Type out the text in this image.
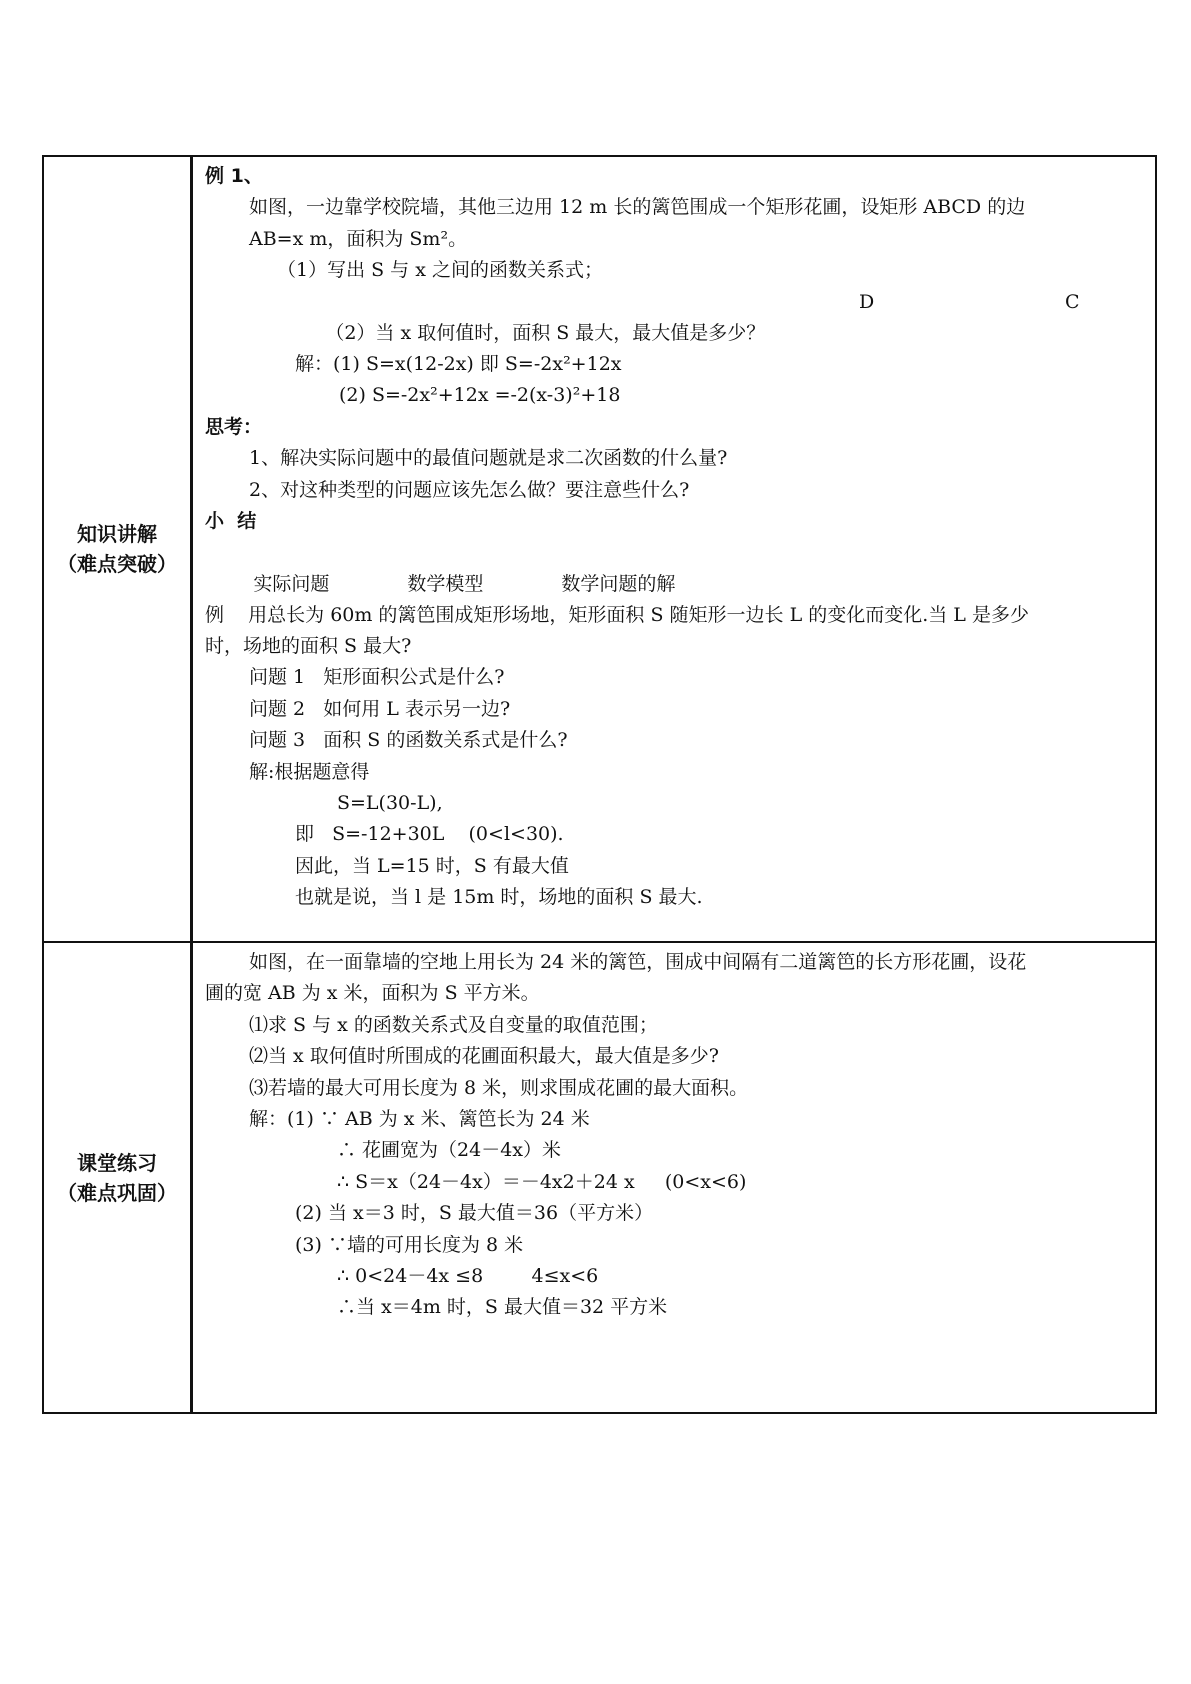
知识讲解
（难点突破）
例 1、
如图，一边靠学校院墙，其他三边用 12 m 长的篱笆围成一个矩形花圃，设矩形 ABCD 的边
AB=x m，面积为 Sm²。
（1）写出 S 与 x 之间的函数关系式；

（2）当 x 取何值时，面积 S 最大，最大值是多少？

D

	C

解：(1) S=x(12-2x) 即 S=-2x²+12x
(2) S=-2x²+12x =-2(x-3)²+18
思考：
1、解决实际问题中的最值问题就是求二次函数的什么量?
2、对这种类型的问题应该先怎么做？要注意些什么?
小  结

实际问题	数学模型	数学问题的解

例    用总长为 60m 的篱笆围成矩形场地，矩形面积 S 随矩形一边长 L 的变化而变化.当 L 是多少
时，场地的面积 S 最大?
问题 1   矩形面积公式是什么?
问题 2   如何用 L 表示另一边?
问题 3   面积 S 的函数关系式是什么?
解:根据题意得
S=L(30-L),
即   S=-12+30L    (0<l<30).
因此，当 L=15 时，S 有最大值
也就是说，当 l 是 15m 时，场地的面积 S 最大.
课堂练习
（难点巩固）
如图，在一面靠墙的空地上用长为 24 米的篱笆，围成中间隔有二道篱笆的长方形花圃，设花
圃的宽 AB 为 x 米，面积为 S 平方米。
⑴求 S 与 x 的函数关系式及自变量的取值范围；
⑵当 x 取何值时所围成的花圃面积最大，最大值是多少?
⑶若墙的最大可用长度为 8 米，则求围成花圃的最大面积。
解：(1) ∵ AB 为 x 米、篱笆长为 24 米
∴ 花圃宽为（24－4x）米
∴ S＝x（24－4x）＝－4x2＋24 x     (0<x<6)
(2) 当 x＝3 时，S 最大值＝36（平方米）
(3) ∵墙的可用长度为 8 米
∴ 0<24－4x ≤8        4≤x<6
∴当 x＝4m 时，S 最大值＝32 平方米
